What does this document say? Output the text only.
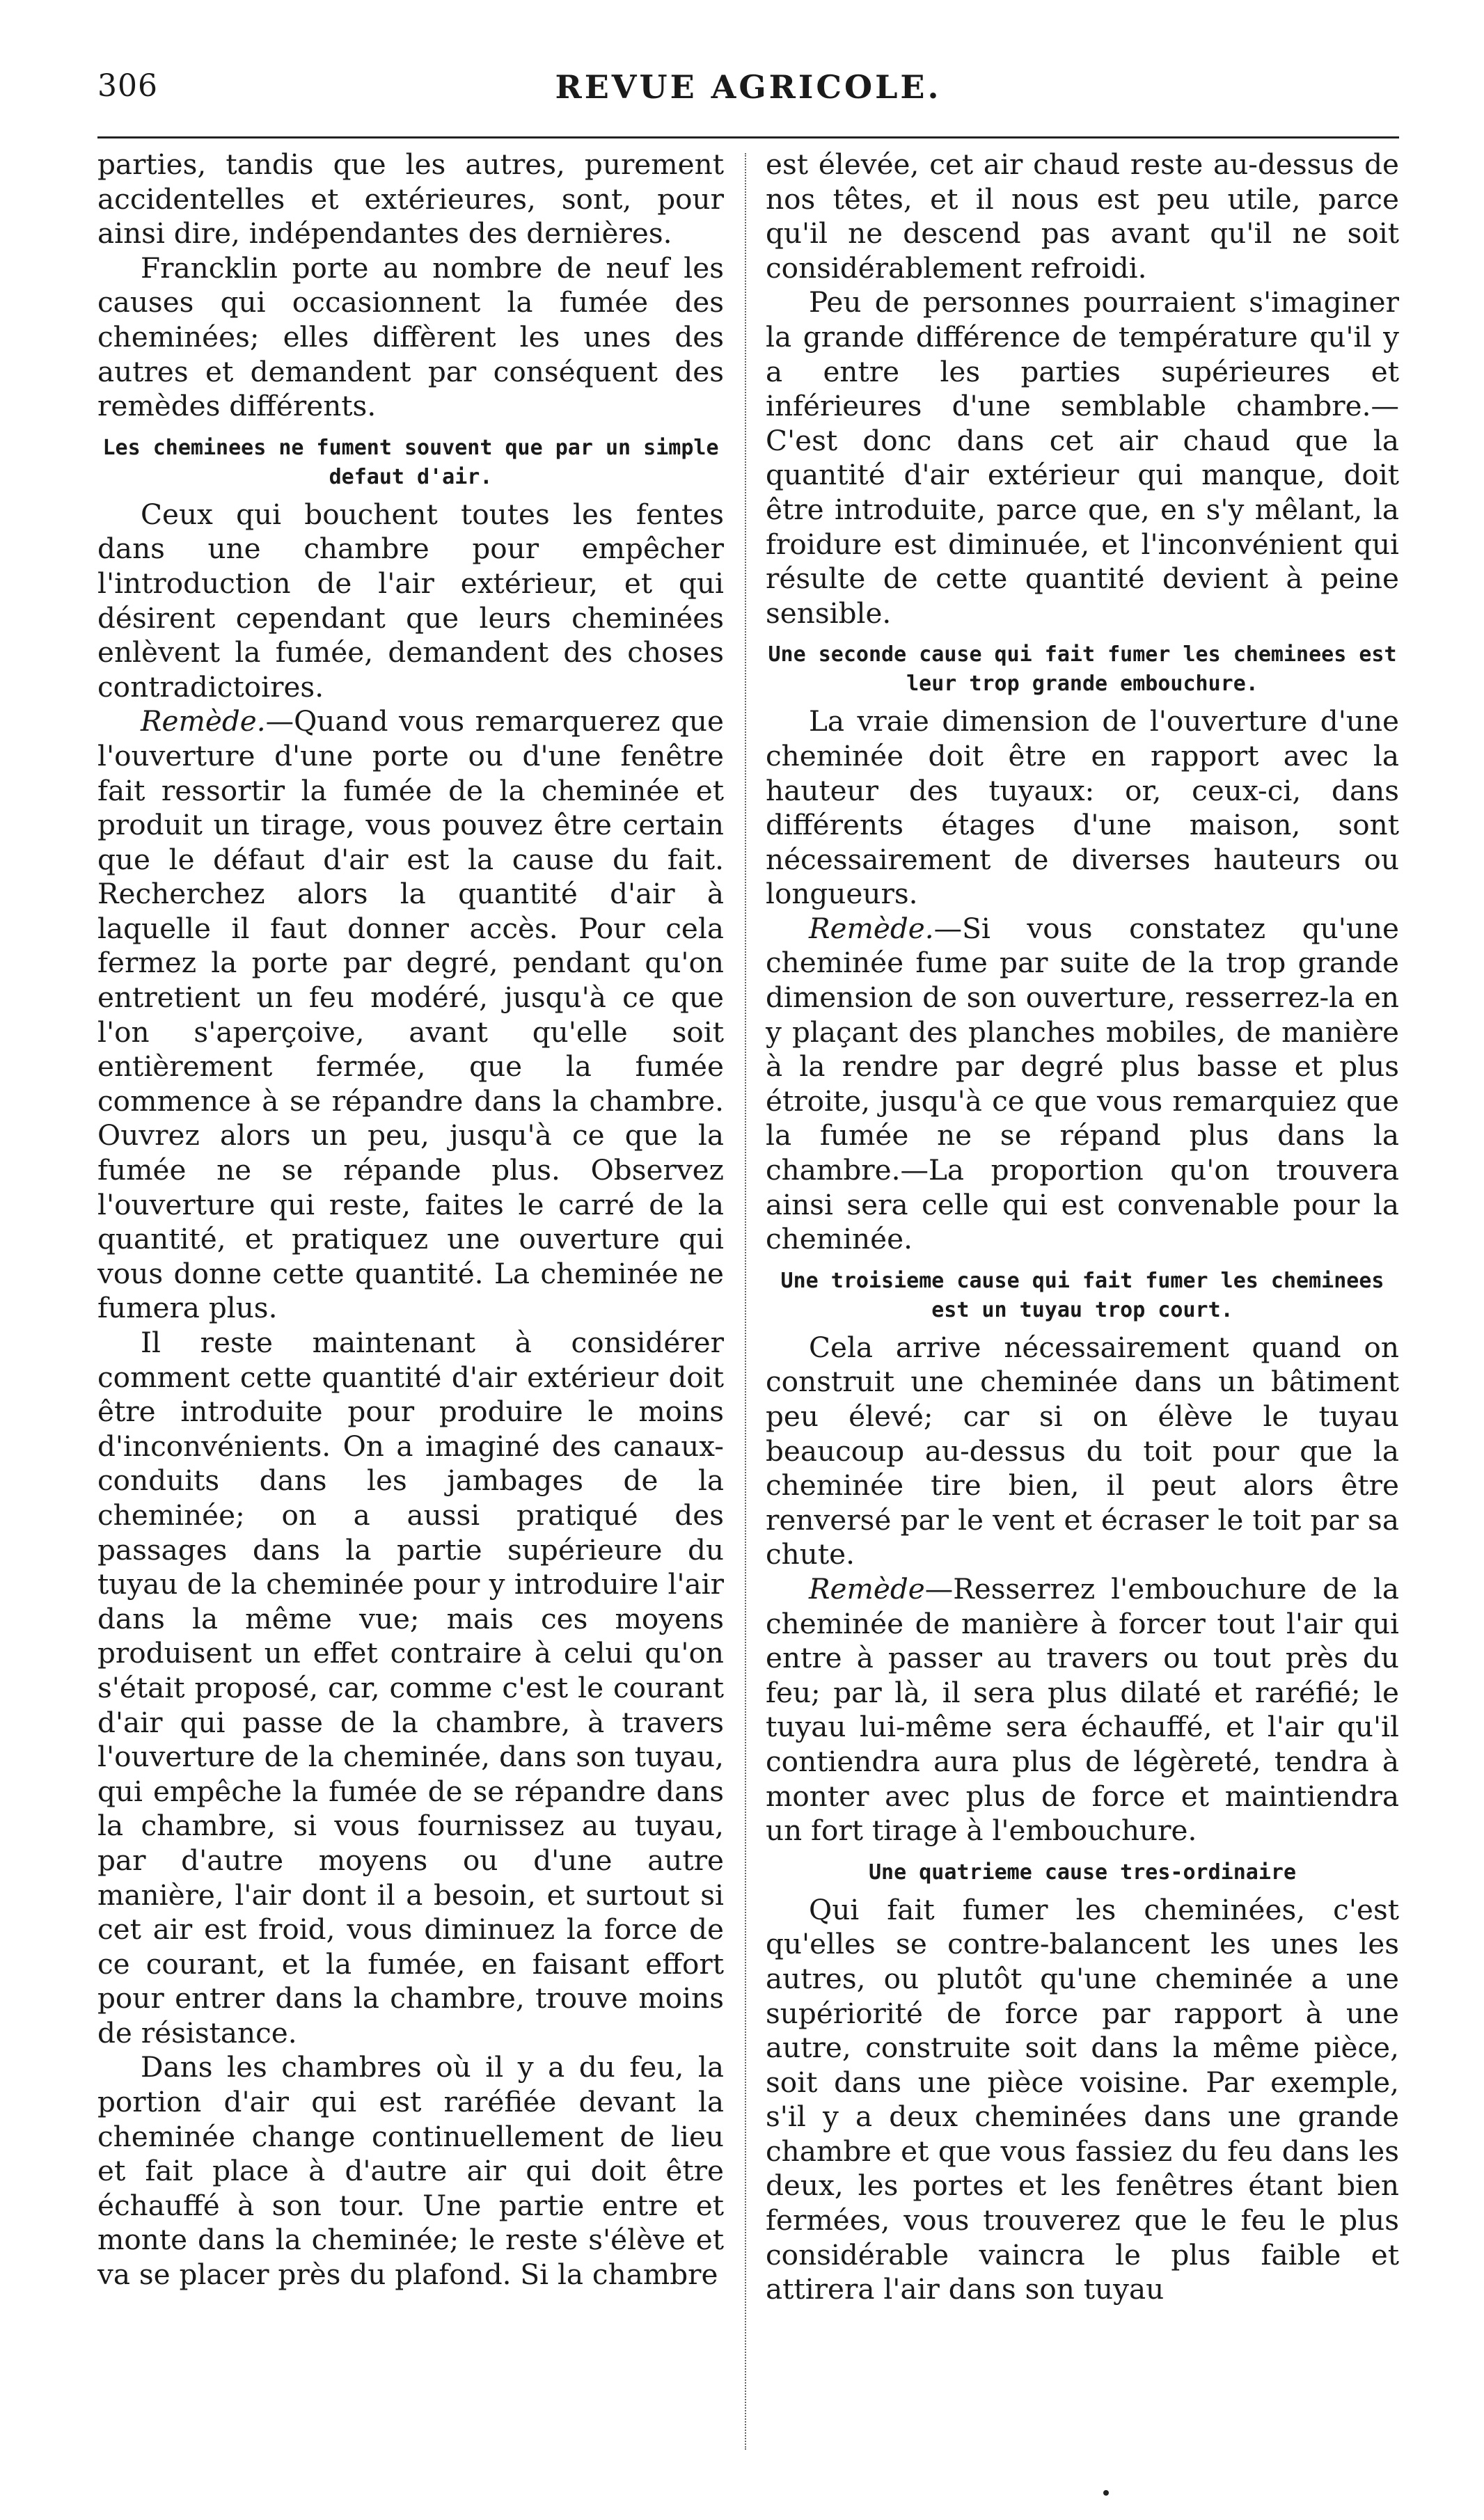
306	REVUE AGRICOLE.

parties, tandis que les autres, purement accidentelles et extérieures, sont, pour ainsi dire, indépendantes des dernières.

Francklin porte au nombre de neuf les causes qui occasionnent la fumée des cheminées; elles diffèrent les unes des autres et demandent par conséquent des remèdes différents.

Les cheminees ne fument souvent que par un simple defaut d'air.

Ceux qui bouchent toutes les fentes dans une chambre pour empêcher l'introduction de l'air extérieur, et qui désirent cependant que leurs cheminées enlèvent la fumée, demandent des choses contradictoires.

Remède.—Quand vous remarquerez que l'ouverture d'une porte ou d'une fenêtre fait ressortir la fumée de la cheminée et produit un tirage, vous pouvez être certain que le défaut d'air est la cause du fait. Recherchez alors la quantité d'air à laquelle il faut donner accès. Pour cela fermez la porte par degré, pendant qu'on entretient un feu modéré, jusqu'à ce que l'on s'aperçoive, avant qu'elle soit entièrement fermée, que la fumée commence à se répandre dans la chambre. Ouvrez alors un peu, jusqu'à ce que la fumée ne se répande plus. Observez l'ouverture qui reste, faites le carré de la quantité, et pratiquez une ouverture qui vous donne cette quantité. La cheminée ne fumera plus.

Il reste maintenant à considérer comment cette quantité d'air extérieur doit être introduite pour produire le moins d'inconvénients. On a imaginé des canaux-conduits dans les jambages de la cheminée; on a aussi pratiqué des passages dans la partie supérieure du tuyau de la cheminée pour y introduire l'air dans la même vue; mais ces moyens produisent un effet contraire à celui qu'on s'était proposé, car, comme c'est le courant d'air qui passe de la chambre, à travers l'ouverture de la cheminée, dans son tuyau, qui empêche la fumée de se répandre dans la chambre, si vous fournissez au tuyau, par d'autre moyens ou d'une autre manière, l'air dont il a besoin, et surtout si cet air est froid, vous diminuez la force de ce courant, et la fumée, en faisant effort pour entrer dans la chambre, trouve moins de résistance.

Dans les chambres où il y a du feu, la portion d'air qui est raréfiée devant la cheminée change continuellement de lieu et fait place à d'autre air qui doit être échauffé à son tour. Une partie entre et monte dans la cheminée; le reste s'élève et va se placer près du plafond. Si la chambre

est élevée, cet air chaud reste au-dessus de nos têtes, et il nous est peu utile, parce qu'il ne descend pas avant qu'il ne soit considérablement refroidi.

Peu de personnes pourraient s'imaginer la grande différence de température qu'il y a entre les parties supérieures et inférieures d'une semblable chambre.—C'est donc dans cet air chaud que la quantité d'air extérieur qui manque, doit être introduite, parce que, en s'y mêlant, la froidure est diminuée, et l'inconvénient qui résulte de cette quantité devient à peine sensible.

Une seconde cause qui fait fumer les cheminees est leur trop grande embouchure.

La vraie dimension de l'ouverture d'une cheminée doit être en rapport avec la hauteur des tuyaux: or, ceux-ci, dans différents étages d'une maison, sont nécessairement de diverses hauteurs ou longueurs.

Remède.—Si vous constatez qu'une cheminée fume par suite de la trop grande dimension de son ouverture, resserrez-la en y plaçant des planches mobiles, de manière à la rendre par degré plus basse et plus étroite, jusqu'à ce que vous remarquiez que la fumée ne se répand plus dans la chambre.—La proportion qu'on trouvera ainsi sera celle qui est convenable pour la cheminée.

Une troisieme cause qui fait fumer les cheminees est un tuyau trop court.

Cela arrive nécessairement quand on construit une cheminée dans un bâtiment peu élevé; car si on élève le tuyau beaucoup au-dessus du toit pour que la cheminée tire bien, il peut alors être renversé par le vent et écraser le toit par sa chute.

Remède—Resserrez l'embouchure de la cheminée de manière à forcer tout l'air qui entre à passer au travers ou tout près du feu; par là, il sera plus dilaté et raréfié; le tuyau lui-même sera échauffé, et l'air qu'il contiendra aura plus de légèreté, tendra à monter avec plus de force et maintiendra un fort tirage à l'embouchure.

Une quatrieme cause tres-ordinaire

Qui fait fumer les cheminées, c'est qu'elles se contre-balancent les unes les autres, ou plutôt qu'une cheminée a une supériorité de force par rapport à une autre, construite soit dans la même pièce, soit dans une pièce voisine. Par exemple, s'il y a deux cheminées dans une grande chambre et que vous fassiez du feu dans les deux, les portes et les fenêtres étant bien fermées, vous trouverez que le feu le plus considérable vaincra le plus faible et attirera l'air dans son tuyau
